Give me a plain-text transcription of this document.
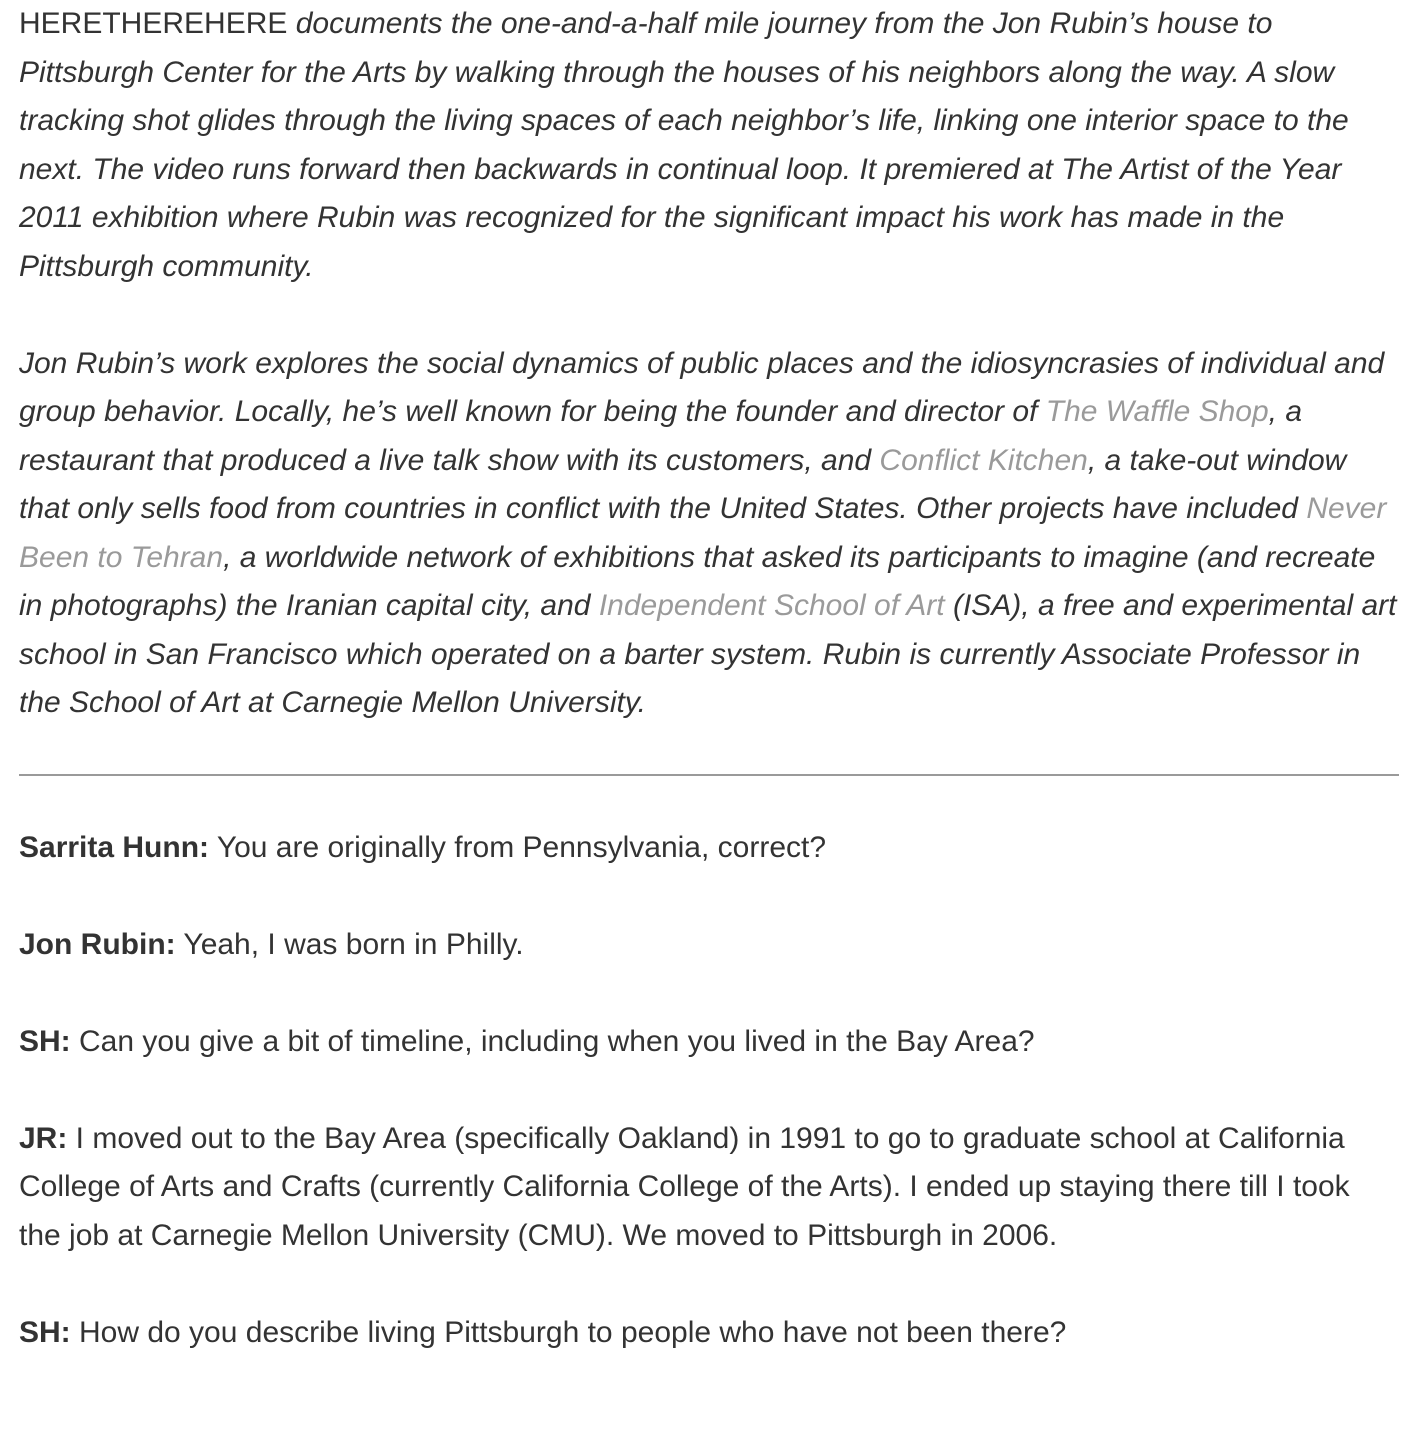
HERETHEREHERE documents the one-and-a-half mile journey from the Jon Rubin’s house to Pittsburgh Center for the Arts by walking through the houses of his neighbors along the way. A slow tracking shot glides through the living spaces of each neighbor’s life, linking one interior space to the next. The video runs forward then backwards in continual loop. It premiered at The Artist of the Year 2011 exhibition where Rubin was recognized for the significant impact his work has made in the Pittsburgh community.

Jon Rubin’s work explores the social dynamics of public places and the idiosyncrasies of individual and group behavior. Locally, he’s well known for being the founder and director of The Waffle Shop, a restaurant that produced a live talk show with its customers, and Conflict Kitchen, a take-out window that only sells food from countries in conflict with the United States. Other projects have included Never Been to Tehran, a worldwide network of exhibitions that asked its participants to imagine (and recreate in photographs) the Iranian capital city, and Independent School of Art (ISA), a free and experimental art school in San Francisco which operated on a barter system. Rubin is currently Associate Professor in the School of Art at Carnegie Mellon University.

Sarrita Hunn: You are originally from Pennsylvania, correct?

Jon Rubin: Yeah, I was born in Philly.

SH: Can you give a bit of timeline, including when you lived in the Bay Area?

JR: I moved out to the Bay Area (specifically Oakland) in 1991 to go to graduate school at California College of Arts and Crafts (currently California College of the Arts). I ended up staying there till I took the job at Carnegie Mellon University (CMU). We moved to Pittsburgh in 2006.

SH: How do you describe living Pittsburgh to people who have not been there?
